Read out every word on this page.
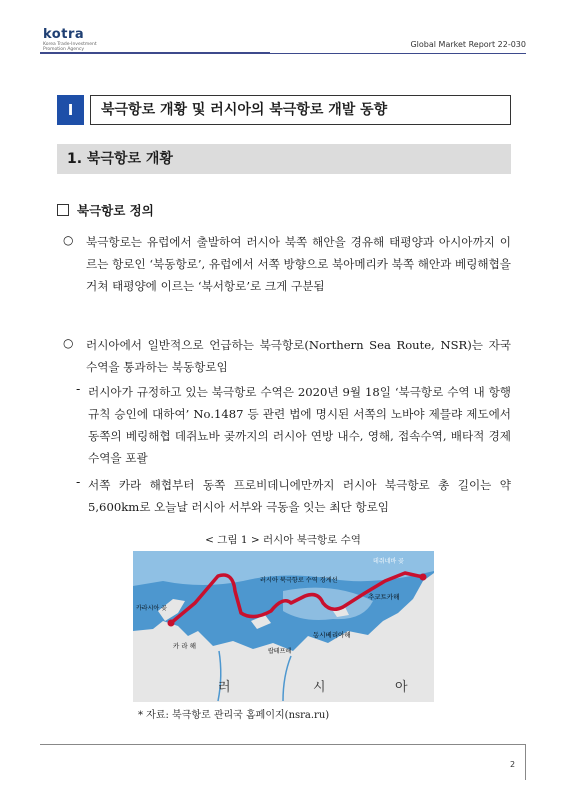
kotra
Korea Trade-Investment
Promotion Agency
Global Market Report 22-030
I	북극항로 개황 및 러시아의 북극항로 개발 동향
1. 북극항로 개황
북극항로 정의
○ 북극항로는 유럽에서 출발하여 러시아 북쪽 해안을 경유해 태평양과 아시아까지 이르는 항로인 ‘북동항로’, 유럽에서 서쪽 방향으로 북아메리카 북쪽 해안과 베링해협을 거쳐 태평양에 이르는 ‘북서항로’로 크게 구분됨
○ 러시아에서 일반적으로 언급하는 북극항로(Northern Sea Route, NSR)는 자국 수역을 통과하는 북동항로임
- 러시아가 규정하고 있는 북극항로 수역은 2020년 9월 18일 ‘북극항로 수역 내 항행 규칙 승인에 대하여’ No.1487 등 관련 법에 명시된 서쪽의 노바야 제믈랴 제도에서 동쪽의 베링해협 데쥐뇨바 곶까지의 러시아 연방 내수, 영해, 접속수역, 배타적 경제수역을 포괄
- 서쪽 카라 해협부터 동쪽 프로비데니에만까지 러시아 북극항로 총 길이는 약 5,600km로 오늘날 러시아 서부와 극동을 잇는 최단 항로임
< 그림 1 > 러시아 북극항로 수역
데쥐네바 곶
러시아 북극항로 수역 경계선
추코트카해
카라시아 곶
카 라 해
동시베리아해
랍테프해
러	시	아
* 자료: 북극항로 관리국 홈페이지(nsra.ru)
2
